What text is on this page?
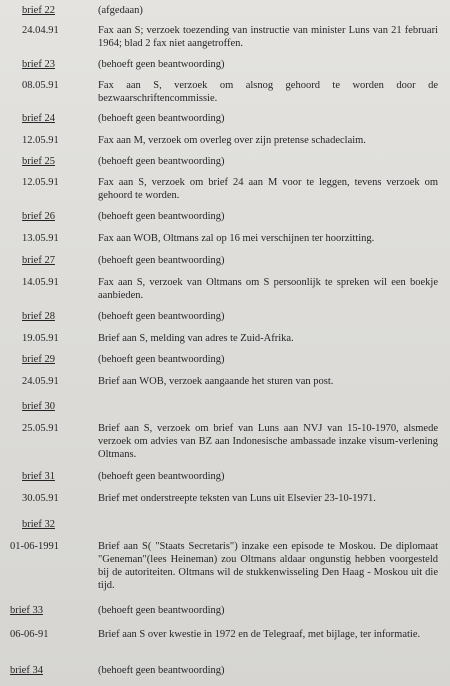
brief 22	(afgedaan)
24.04.91	Fax aan S; verzoek toezending van instructie van minister Luns van 21 februari 1964; blad 2 fax niet aangetroffen.
brief 23	(behoeft geen beantwoording)
08.05.91	Fax aan S, verzoek om alsnog gehoord te worden door de bezwaarschriftencommissie.
brief 24	(behoeft geen beantwoording)
12.05.91	Fax aan M, verzoek om overleg over zijn pretense schadeclaim.
brief 25	(behoeft geen beantwoording)
12.05.91	Fax aan S, verzoek om brief 24 aan M voor te leggen, tevens verzoek om gehoord te worden.
brief 26	(behoeft geen beantwoording)
13.05.91	Fax aan WOB, Oltmans zal op 16 mei verschijnen ter hoorzitting.
brief 27	(behoeft geen beantwoording)
14.05.91	Fax aan S, verzoek van Oltmans om S persoonlijk te spreken wil een boekje aanbieden.
brief 28	(behoeft geen beantwoording)
19.05.91	Brief aan S, melding van adres te Zuid-Afrika.
brief 29	(behoeft geen beantwoording)
24.05.91	Brief aan WOB, verzoek aangaande het sturen van post.
brief 30
25.05.91	Brief aan S, verzoek om brief van Luns aan NVJ van 15-10-1970, alsmede verzoek om advies van BZ aan Indonesische ambassade inzake visum-verlening Oltmans.
brief 31	(behoeft geen beantwoording)
30.05.91	Brief met onderstreepte teksten van Luns uit Elsevier 23-10-1971.
brief 32
01-06-1991	Brief aan S( "Staats Secretaris") inzake een episode te Moskou. De diplomaat "Geneman"(lees Heineman) zou Oltmans aldaar ongunstig hebben voorgesteld bij de autoriteiten. Oltmans wil de stukkenwisseling Den Haag - Moskou uit die tijd.
brief 33	(behoeft geen beantwoording)
06-06-91	Brief aan S over kwestie in 1972 en de Telegraaf, met bijlage, ter informatie.
brief 34	(behoeft geen beantwoording)
